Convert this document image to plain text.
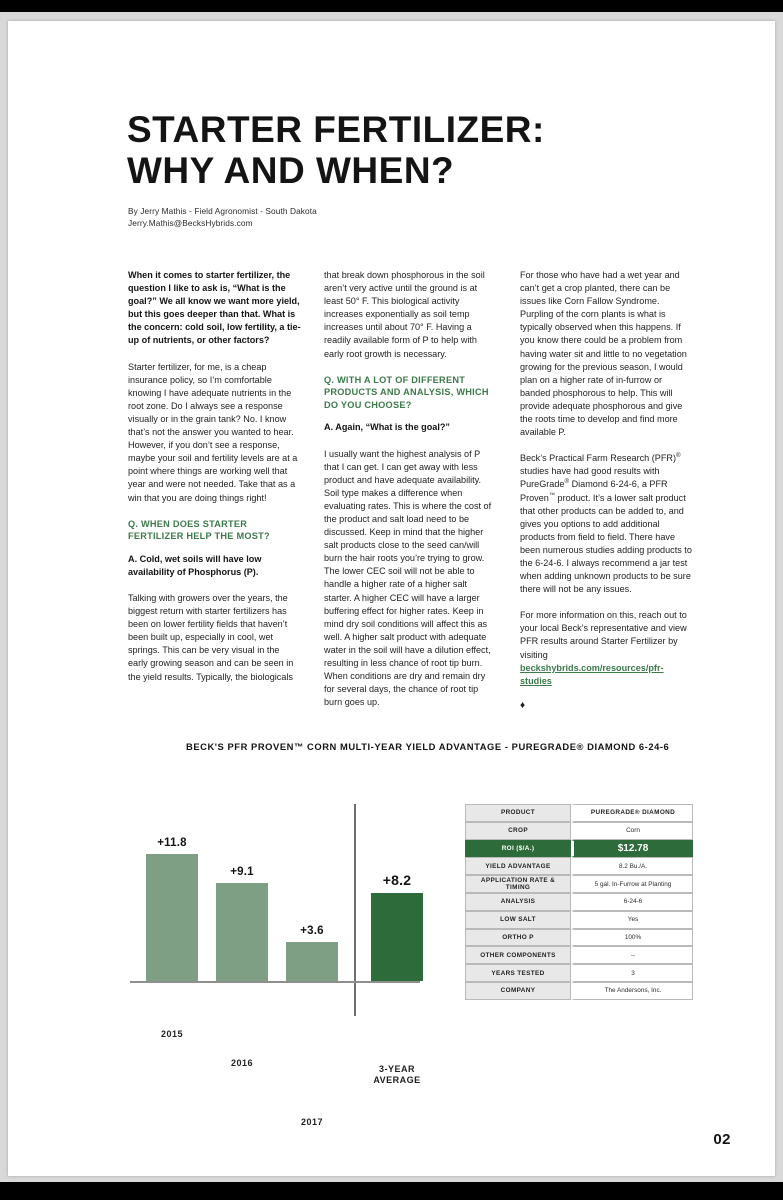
STARTER FERTILIZER:
WHY AND WHEN?
By Jerry Mathis - Field Agronomist - South Dakota
Jerry.Mathis@BecksHybrids.com

When it comes to starter fertilizer, the question I like to ask is, “What is the goal?” We all know we want more yield, but this goes deeper than that. What is the concern: cold soil, low fertility, a tie-up of nutrients, or other factors?

Starter fertilizer, for me, is a cheap insurance policy, so I’m comfortable knowing I have adequate nutrients in the root zone. Do I always see a response visually or in the grain tank? No. I know that’s not the answer you wanted to hear. However, if you don’t see a response, maybe your soil and fertility levels are at a point where things are working well that year and were not needed. Take that as a win that you are doing things right!

Q. WHEN DOES STARTER FERTILIZER HELP THE MOST?

A. Cold, wet soils will have low availability of Phosphorus (P).

Talking with growers over the years, the biggest return with starter fertilizers has been on lower fertility fields that haven’t been built up, especially in cool, wet springs. This can be very visual in the early growing season and can be seen in the yield results. Typically, the biologicals

that break down phosphorous in the soil aren’t very active until the ground is at least 50° F. This biological activity increases exponentially as soil temp increases until about 70° F. Having a readily available form of P to help with early root growth is necessary.

Q. WITH A LOT OF DIFFERENT PRODUCTS AND ANALYSIS, WHICH DO YOU CHOOSE?

A. Again, “What is the goal?”

I usually want the highest analysis of P that I can get. I can get away with less product and have adequate availability. Soil type makes a difference when evaluating rates. This is where the cost of the product and salt load need to be discussed. Keep in mind that the higher salt products close to the seed can/will burn the hair roots you’re trying to grow. The lower CEC soil will not be able to handle a higher rate of a higher salt starter. A higher CEC will have a larger buffering effect for higher rates. Keep in mind dry soil conditions will affect this as well. A higher salt product with adequate water in the soil will have a dilution effect, resulting in less chance of root tip burn. When conditions are dry and remain dry for several days, the chance of root tip burn goes up.

For those who have had a wet year and can’t get a crop planted, there can be issues like Corn Fallow Syndrome. Purpling of the corn plants is what is typically observed when this happens. If you know there could be a problem from having water sit and little to no vegetation growing for the previous season, I would plan on a higher rate of in-furrow or banded phosphorous to help. This will provide adequate phosphorous and give the roots time to develop and find more available P.

Beck’s Practical Farm Research (PFR)® studies have had good results with PureGrade® Diamond 6-24-6, a PFR Proven™ product. It’s a lower salt product that other products can be added to, and gives you options to add additional products from field to field. There have been numerous studies adding products to the 6-24-6. I always recommend a jar test when adding unknown products to be sure there will not be any issues.

For more information on this, reach out to your local Beck’s representative and view PFR results around Starter Fertilizer by visiting beckshybrids.com/resources/pfr-studies

♦
BECK'S PFR PROVEN™ CORN MULTI-YEAR YIELD ADVANTAGE - PUREGRADE® DIAMOND 6-24-6
+11.8
2015
+9.1
2016
+3.6
2017
+8.2
3-YEAR AVERAGE
PRODUCT	PUREGRADE® DIAMOND
CROP	Corn
ROI ($/A.)	$12.78
YIELD ADVANTAGE	8.2 Bu./A.
APPLICATION RATE & TIMING	5 gal. In-Furrow at Planting
ANALYSIS	6-24-6
LOW SALT	Yes
ORTHO P	100%
OTHER COMPONENTS	--
YEARS TESTED	3
COMPANY	The Andersons, Inc.
02
